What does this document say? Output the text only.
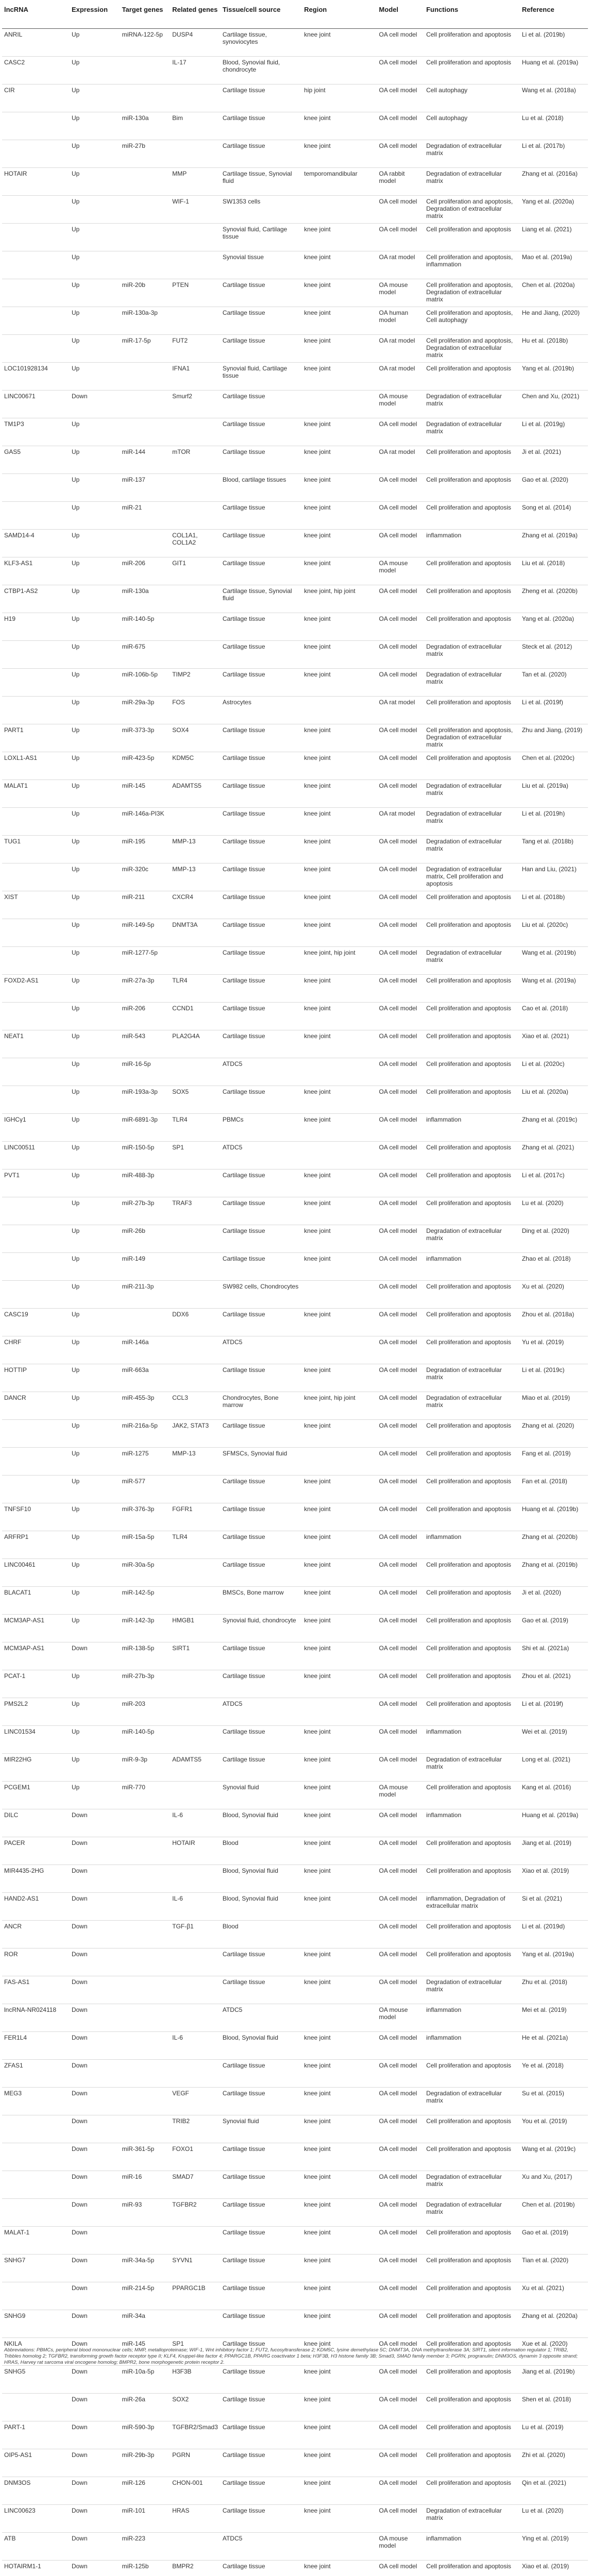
lncRNA	Expression	Target genes	Related genes	Tissue/cell source	Region	Model	Functions	Reference
ANRIL	Up	miRNA-122-5p	DUSP4	Cartilage tissue, synoviocytes	knee joint	OA cell model	Cell proliferation and apoptosis	Li et al. (2019b)
CASC2	Up		IL-17	Blood, Synovial fluid, chondrocyte		OA cell model	Cell proliferation and apoptosis	Huang et al. (2019a)
CIR	Up			Cartilage tissue	hip joint	OA cell model	Cell autophagy	Wang et al. (2018a)
	Up	miR-130a	Bim	Cartilage tissue	knee joint	OA cell model	Cell autophagy	Lu et al. (2018)
	Up	miR-27b		Cartilage tissue	knee joint	OA cell model	Degradation of extracellular matrix	Li et al. (2017b)
HOTAIR	Up		MMP	Cartilage tissue, Synovial fluid	temporomandibular	OA rabbit model	Degradation of extracellular matrix	Zhang et al. (2016a)
	Up		WIF-1	SW1353 cells		OA cell model	Cell proliferation and apoptosis, Degradation of extracellular matrix	Yang et al. (2020a)
	Up			Synovial fluid, Cartilage tissue	knee joint	OA cell model	Cell proliferation and apoptosis	Liang et al. (2021)
	Up			Synovial tissue	knee joint	OA rat model	Cell proliferation and apoptosis, inflammation	Mao et al. (2019a)
	Up	miR-20b	PTEN	Cartilage tissue	knee joint	OA mouse model	Cell proliferation and apoptosis, Degradation of extracellular matrix	Chen et al. (2020a)
	Up	miR-130a-3p		Cartilage tissue	knee joint	OA human model	Cell proliferation and apoptosis, Cell autophagy	He and Jiang, (2020)
	Up	miR-17-5p	FUT2	Cartilage tissue	knee joint	OA rat model	Cell proliferation and apoptosis, Degradation of extracellular matrix	Hu et al. (2018b)
LOC101928134	Up		IFNA1	Synovial fluid, Cartilage tissue	knee joint	OA rat model	Cell proliferation and apoptosis	Yang et al. (2019b)
LINC00671	Down		Smurf2	Cartilage tissue		OA mouse model	Degradation of extracellular matrix	Chen and Xu, (2021)
TM1P3	Up			Cartilage tissue	knee joint	OA cell model	Degradation of extracellular matrix	Li et al. (2019g)
GAS5	Up	miR-144	mTOR	Cartilage tissue	knee joint	OA rat model	Cell proliferation and apoptosis	Ji et al. (2021)
	Up	miR-137		Blood, cartilage tissues	knee joint	OA cell model	Cell proliferation and apoptosis	Gao et al. (2020)
	Up	miR-21		Cartilage tissue	knee joint	OA cell model	Cell proliferation and apoptosis	Song et al. (2014)
SAMD14-4	Up		COL1A1, COL1A2	Cartilage tissue	knee joint	OA cell model	inflammation	Zhang et al. (2019a)
KLF3-AS1	Up	miR-206	GIT1	Cartilage tissue	knee joint	OA mouse model	Cell proliferation and apoptosis	Liu et al. (2018)
CTBP1-AS2	Up	miR-130a		Cartilage tissue, Synovial fluid	knee joint, hip joint	OA cell model	Cell proliferation and apoptosis	Zheng et al. (2020b)
H19	Up	miR-140-5p		Cartilage tissue	knee joint	OA cell model	Cell proliferation and apoptosis	Yang et al. (2020a)
	Up	miR-675		Cartilage tissue	knee joint	OA cell model	Degradation of extracellular matrix	Steck et al. (2012)
	Up	miR-106b-5p	TIMP2	Cartilage tissue	knee joint	OA cell model	Degradation of extracellular matrix	Tan et al. (2020)
	Up	miR-29a-3p	FOS	Astrocytes		OA rat model	Cell proliferation and apoptosis	Li et al. (2019f)
PART1	Up	miR-373-3p	SOX4	Cartilage tissue	knee joint	OA cell model	Cell proliferation and apoptosis, Degradation of extracellular matrix	Zhu and Jiang, (2019)
LOXL1-AS1	Up	miR-423-5p	KDM5C	Cartilage tissue	knee joint	OA cell model	Cell proliferation and apoptosis	Chen et al. (2020c)
MALAT1	Up	miR-145	ADAMTS5	Cartilage tissue	knee joint	OA cell model	Degradation of extracellular matrix	Liu et al. (2019a)
	Up	miR-146a-PI3K		Cartilage tissue	knee joint	OA rat model	Degradation of extracellular matrix	Li et al. (2019h)
TUG1	Up	miR-195	MMP-13	Cartilage tissue	knee joint	OA cell model	Degradation of extracellular matrix	Tang et al. (2018b)
	Up	miR-320c	MMP-13	Cartilage tissue	knee joint	OA cell model	Degradation of extracellular matrix, Cell proliferation and apoptosis	Han and Liu, (2021)
XIST	Up	miR-211	CXCR4	Cartilage tissue	knee joint	OA cell model	Cell proliferation and apoptosis	Li et al. (2018b)
	Up	miR-149-5p	DNMT3A	Cartilage tissue	knee joint	OA cell model	Cell proliferation and apoptosis	Liu et al. (2020c)
	Up	miR-1277-5p		Cartilage tissue	knee joint, hip joint	OA cell model	Degradation of extracellular matrix	Wang et al. (2019b)
FOXD2-AS1	Up	miR-27a-3p	TLR4	Cartilage tissue	knee joint	OA cell model	Cell proliferation and apoptosis	Wang et al. (2019a)
	Up	miR-206	CCND1	Cartilage tissue	knee joint	OA cell model	Cell proliferation and apoptosis	Cao et al. (2018)
NEAT1	Up	miR-543	PLA2G4A	Cartilage tissue	knee joint	OA cell model	Cell proliferation and apoptosis	Xiao et al. (2021)
	Up	miR-16-5p		ATDC5		OA cell model	Cell proliferation and apoptosis	Li et al. (2020c)
	Up	miR-193a-3p	SOX5	Cartilage tissue	knee joint	OA cell model	Cell proliferation and apoptosis	Liu et al. (2020a)
IGHCγ1	Up	miR-6891-3p	TLR4	PBMCs	knee joint	OA cell model	inflammation	Zhang et al. (2019c)
LINC00511	Up	miR-150-5p	SP1	ATDC5		OA cell model	Cell proliferation and apoptosis	Zhang et al. (2021)
PVT1	Up	miR-488-3p		Cartilage tissue	knee joint	OA cell model	Cell proliferation and apoptosis	Li et al. (2017c)
	Up	miR-27b-3p	TRAF3	Cartilage tissue	knee joint	OA cell model	Cell proliferation and apoptosis	Lu et al. (2020)
	Up	miR-26b		Cartilage tissue	knee joint	OA cell model	Degradation of extracellular matrix	Ding et al. (2020)
	Up	miR-149		Cartilage tissue	knee joint	OA cell model	inflammation	Zhao et al. (2018)
	Up	miR-211-3p		SW982 cells, Chondrocytes		OA cell model	Cell proliferation and apoptosis	Xu et al. (2020)
CASC19	Up		DDX6	Cartilage tissue	knee joint	OA cell model	Cell proliferation and apoptosis	Zhou et al. (2018a)
CHRF	Up	miR-146a		ATDC5		OA cell model	Cell proliferation and apoptosis	Yu et al. (2019)
HOTTIP	Up	miR-663a		Cartilage tissue	knee joint	OA cell model	Degradation of extracellular matrix	Li et al. (2019c)
DANCR	Up	miR-455-3p	CCL3	Chondrocytes, Bone marrow	knee joint, hip joint	OA cell model	Degradation of extracellular matrix	Miao et al. (2019)
	Up	miR-216a-5p	JAK2, STAT3	Cartilage tissue	knee joint	OA cell model	Cell proliferation and apoptosis	Zhang et al. (2020)
	Up	miR-1275	MMP-13	SFMSCs, Synovial fluid		OA cell model	Cell proliferation and apoptosis	Fang et al. (2019)
	Up	miR-577		Cartilage tissue	knee joint	OA cell model	Cell proliferation and apoptosis	Fan et al. (2018)
TNFSF10	Up	miR-376-3p	FGFR1	Cartilage tissue	knee joint	OA cell model	Cell proliferation and apoptosis	Huang et al. (2019b)
ARFRP1	Up	miR-15a-5p	TLR4	Cartilage tissue	knee joint	OA cell model	inflammation	Zhang et al. (2020b)
LINC00461	Up	miR-30a-5p		Cartilage tissue	knee joint	OA cell model	Cell proliferation and apoptosis	Zhang et al. (2019b)
BLACAT1	Up	miR-142-5p		BMSCs, Bone marrow	knee joint	OA cell model	Cell proliferation and apoptosis	Ji et al. (2020)
MCM3AP-AS1	Up	miR-142-3p	HMGB1	Synovial fluid, chondrocyte	knee joint	OA cell model	Cell proliferation and apoptosis	Gao et al. (2019)
MCM3AP-AS1	Down	miR-138-5p	SIRT1	Cartilage tissue	knee joint	OA cell model	Cell proliferation and apoptosis	Shi et al. (2021a)
PCAT-1	Up	miR-27b-3p		Cartilage tissue	knee joint	OA cell model	Cell proliferation and apoptosis	Zhou et al. (2021)
PMS2L2	Up	miR-203		ATDC5		OA cell model	Cell proliferation and apoptosis	Li et al. (2019f)
LINC01534	Up	miR-140-5p		Cartilage tissue	knee joint	OA cell model	inflammation	Wei et al. (2019)
MIR22HG	Up	miR-9-3p	ADAMTS5	Cartilage tissue	knee joint	OA cell model	Degradation of extracellular matrix	Long et al. (2021)
PCGEM1	Up	miR-770		Synovial fluid	knee joint	OA mouse model	Cell proliferation and apoptosis	Kang et al. (2016)
DILC	Down		IL-6	Blood, Synovial fluid	knee joint	OA cell model	inflammation	Huang et al. (2019a)
PACER	Down		HOTAIR	Blood	knee joint	OA cell model	Cell proliferation and apoptosis	Jiang et al. (2019)
MIR4435-2HG	Down			Blood, Synovial fluid	knee joint	OA cell model	Cell proliferation and apoptosis	Xiao et al. (2019)
HAND2-AS1	Down		IL-6	Blood, Synovial fluid	knee joint	OA cell model	inflammation, Degradation of extracellular matrix	Si et al. (2021)
ANCR	Down		TGF-β1	Blood		OA cell model	Cell proliferation and apoptosis	Li et al. (2019d)
ROR	Down			Cartilage tissue	knee joint	OA cell model	Cell proliferation and apoptosis	Yang et al. (2019a)
FAS-AS1	Down			Cartilage tissue	knee joint	OA cell model	Degradation of extracellular matrix	Zhu et al. (2018)
lncRNA-NR024118	Down			ATDC5		OA mouse model	inflammation	Mei et al. (2019)
FER1L4	Down		IL-6	Blood, Synovial fluid	knee joint	OA cell model	inflammation	He et al. (2021a)
ZFAS1	Down			Cartilage tissue	knee joint	OA cell model	Cell proliferation and apoptosis	Ye et al. (2018)
MEG3	Down		VEGF	Cartilage tissue	knee joint	OA cell model	Degradation of extracellular matrix	Su et al. (2015)
	Down		TRIB2	Synovial fluid	knee joint	OA cell model	Cell proliferation and apoptosis	You et al. (2019)
	Down	miR-361-5p	FOXO1	Cartilage tissue	knee joint	OA cell model	Cell proliferation and apoptosis	Wang et al. (2019c)
	Down	miR-16	SMAD7	Cartilage tissue	knee joint	OA cell model	Degradation of extracellular matrix	Xu and Xu, (2017)
	Down	miR-93	TGFBR2	Cartilage tissue	knee joint	OA cell model	Degradation of extracellular matrix	Chen et al. (2019b)
MALAT-1	Down			Cartilage tissue	knee joint	OA cell model	Cell proliferation and apoptosis	Gao et al. (2019)
SNHG7	Down	miR-34a-5p	SYVN1	Cartilage tissue	knee joint	OA cell model	Cell proliferation and apoptosis	Tian et al. (2020)
	Down	miR-214-5p	PPARGC1B	Cartilage tissue	knee joint	OA cell model	Cell proliferation and apoptosis	Xu et al. (2021)
SNHG9	Down	miR-34a		Cartilage tissue	knee joint	OA cell model	Cell proliferation and apoptosis	Zhang et al. (2020a)
NKILA	Down	miR-145	SP1	Cartilage tissue	knee joint	OA cell model	Cell proliferation and apoptosis	Xue et al. (2020)
SNHG5	Down	miR-10a-5p	H3F3B	Cartilage tissue	knee joint	OA cell model	Cell proliferation and apoptosis	Jiang et al. (2019b)
	Down	miR-26a	SOX2	Cartilage tissue	knee joint	OA cell model	Cell proliferation and apoptosis	Shen et al. (2018)
PART-1	Down	miR-590-3p	TGFBR2/Smad3	Cartilage tissue	knee joint	OA cell model	Cell proliferation and apoptosis	Lu et al. (2019)
OIP5-AS1	Down	miR-29b-3p	PGRN	Cartilage tissue	knee joint	OA cell model	Cell proliferation and apoptosis	Zhi et al. (2020)
DNM3OS	Down	miR-126	CHON-001	Cartilage tissue	knee joint	OA cell model	Cell proliferation and apoptosis	Qin et al. (2021)
LINC00623	Down	miR-101	HRAS	Cartilage tissue	knee joint	OA cell model	Degradation of extracellular matrix	Lu et al. (2020)
ATB	Down	miR-223		ATDC5		OA mouse model	inflammation	Ying et al. (2019)
HOTAIRM1-1	Down	miR-125b	BMPR2	Cartilage tissue	knee joint	OA cell model	Cell proliferation and apoptosis	Xiao et al. (2019)

Abbreviations: PBMCs, peripheral blood mononuclear cells; MMP, metalloproteinase; WIF-1, Wnt inhibitory factor 1; FUT2, fucosyltransferase 2; KDM5C, lysine demethylase 5C; DNMT3A, DNA methyltransferase 3A; SIRT1, silent information regulator 1; TRIB2, Tribbles homolog 2; TGFBR2, transforming growth factor receptor type II; KLF4, Kruppel-like factor 4; PPARGC1B, PPARG coactivator 1 beta; H3F3B, H3 histone family 3B; Smad3, SMAD family member 3; PGRN, progranulin; DNM3OS, dynamin 3 opposite strand; HRAS, Harvey rat sarcoma viral oncogene homolog; BMPR2, bone morphogenetic protein receptor 2.
